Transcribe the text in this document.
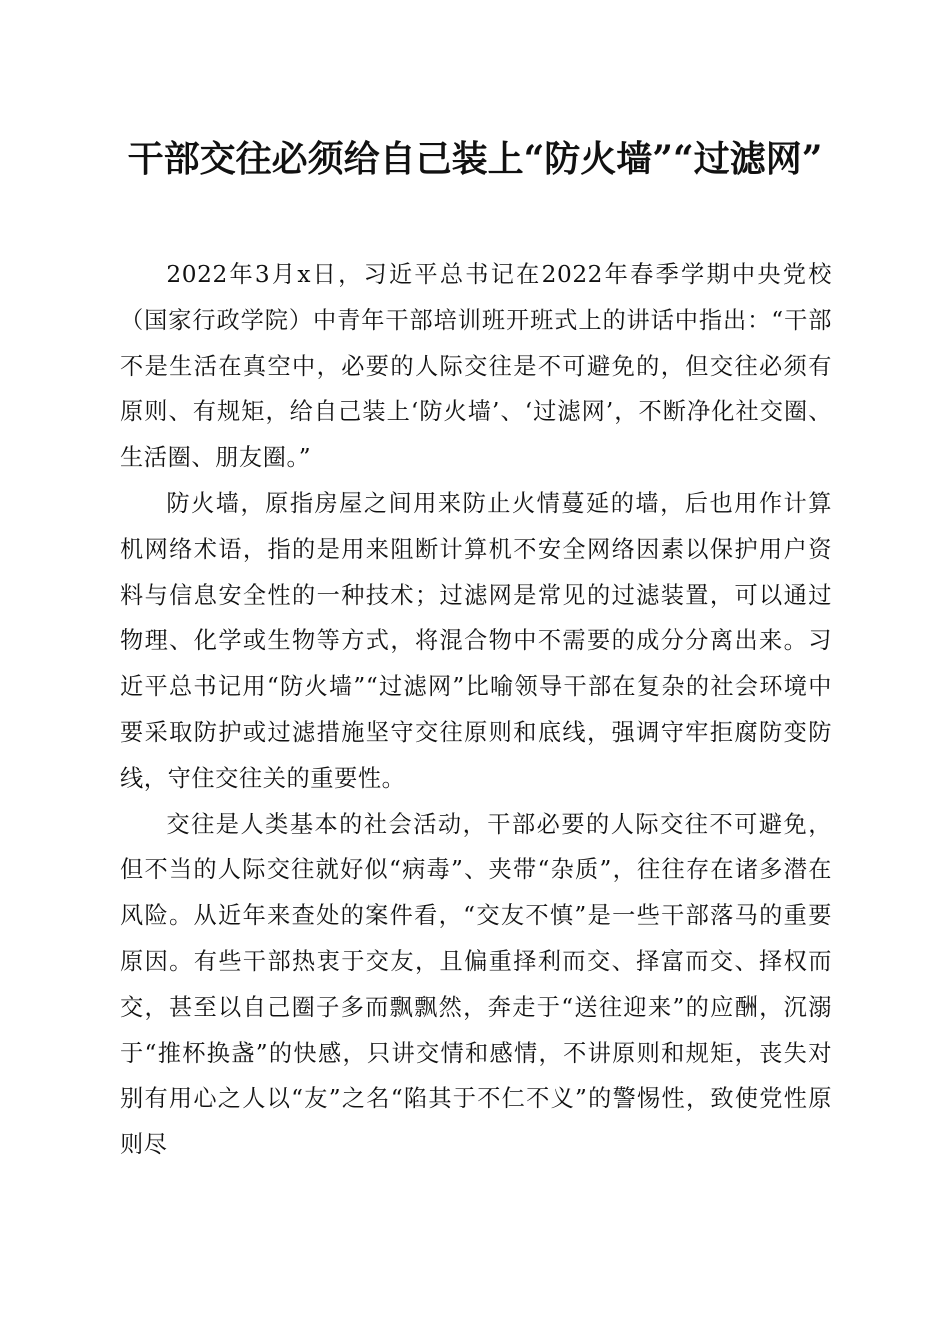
干部交往必须给自己装上“防火墙”“过滤网”

2022年3月x日，习近平总书记在2022年春季学期中央党校（国家行政学院）中青年干部培训班开班式上的讲话中指出：“干部不是生活在真空中，必要的人际交往是不可避免的，但交往必须有原则、有规矩，给自己装上‘防火墙’、‘过滤网’，不断净化社交圈、生活圈、朋友圈。”

防火墙，原指房屋之间用来防止火情蔓延的墙，后也用作计算机网络术语，指的是用来阻断计算机不安全网络因素以保护用户资料与信息安全性的一种技术；过滤网是常见的过滤装置，可以通过物理、化学或生物等方式，将混合物中不需要的成分分离出来。习近平总书记用“防火墙”“过滤网”比喻领导干部在复杂的社会环境中要采取防护或过滤措施坚守交往原则和底线，强调守牢拒腐防变防线，守住交往关的重要性。

交往是人类基本的社会活动，干部必要的人际交往不可避免，但不当的人际交往就好似“病毒”、夹带“杂质”，往往存在诸多潜在风险。从近年来查处的案件看，“交友不慎”是一些干部落马的重要原因。有些干部热衷于交友，且偏重择利而交、择富而交、择权而交，甚至以自己圈子多而飘飘然，奔走于“送往迎来”的应酬，沉溺于“推杯换盏”的快感，只讲交情和感情，不讲原则和规矩，丧失对别有用心之人以“友”之名“陷其于不仁不义”的警惕性，致使党性原则尽
